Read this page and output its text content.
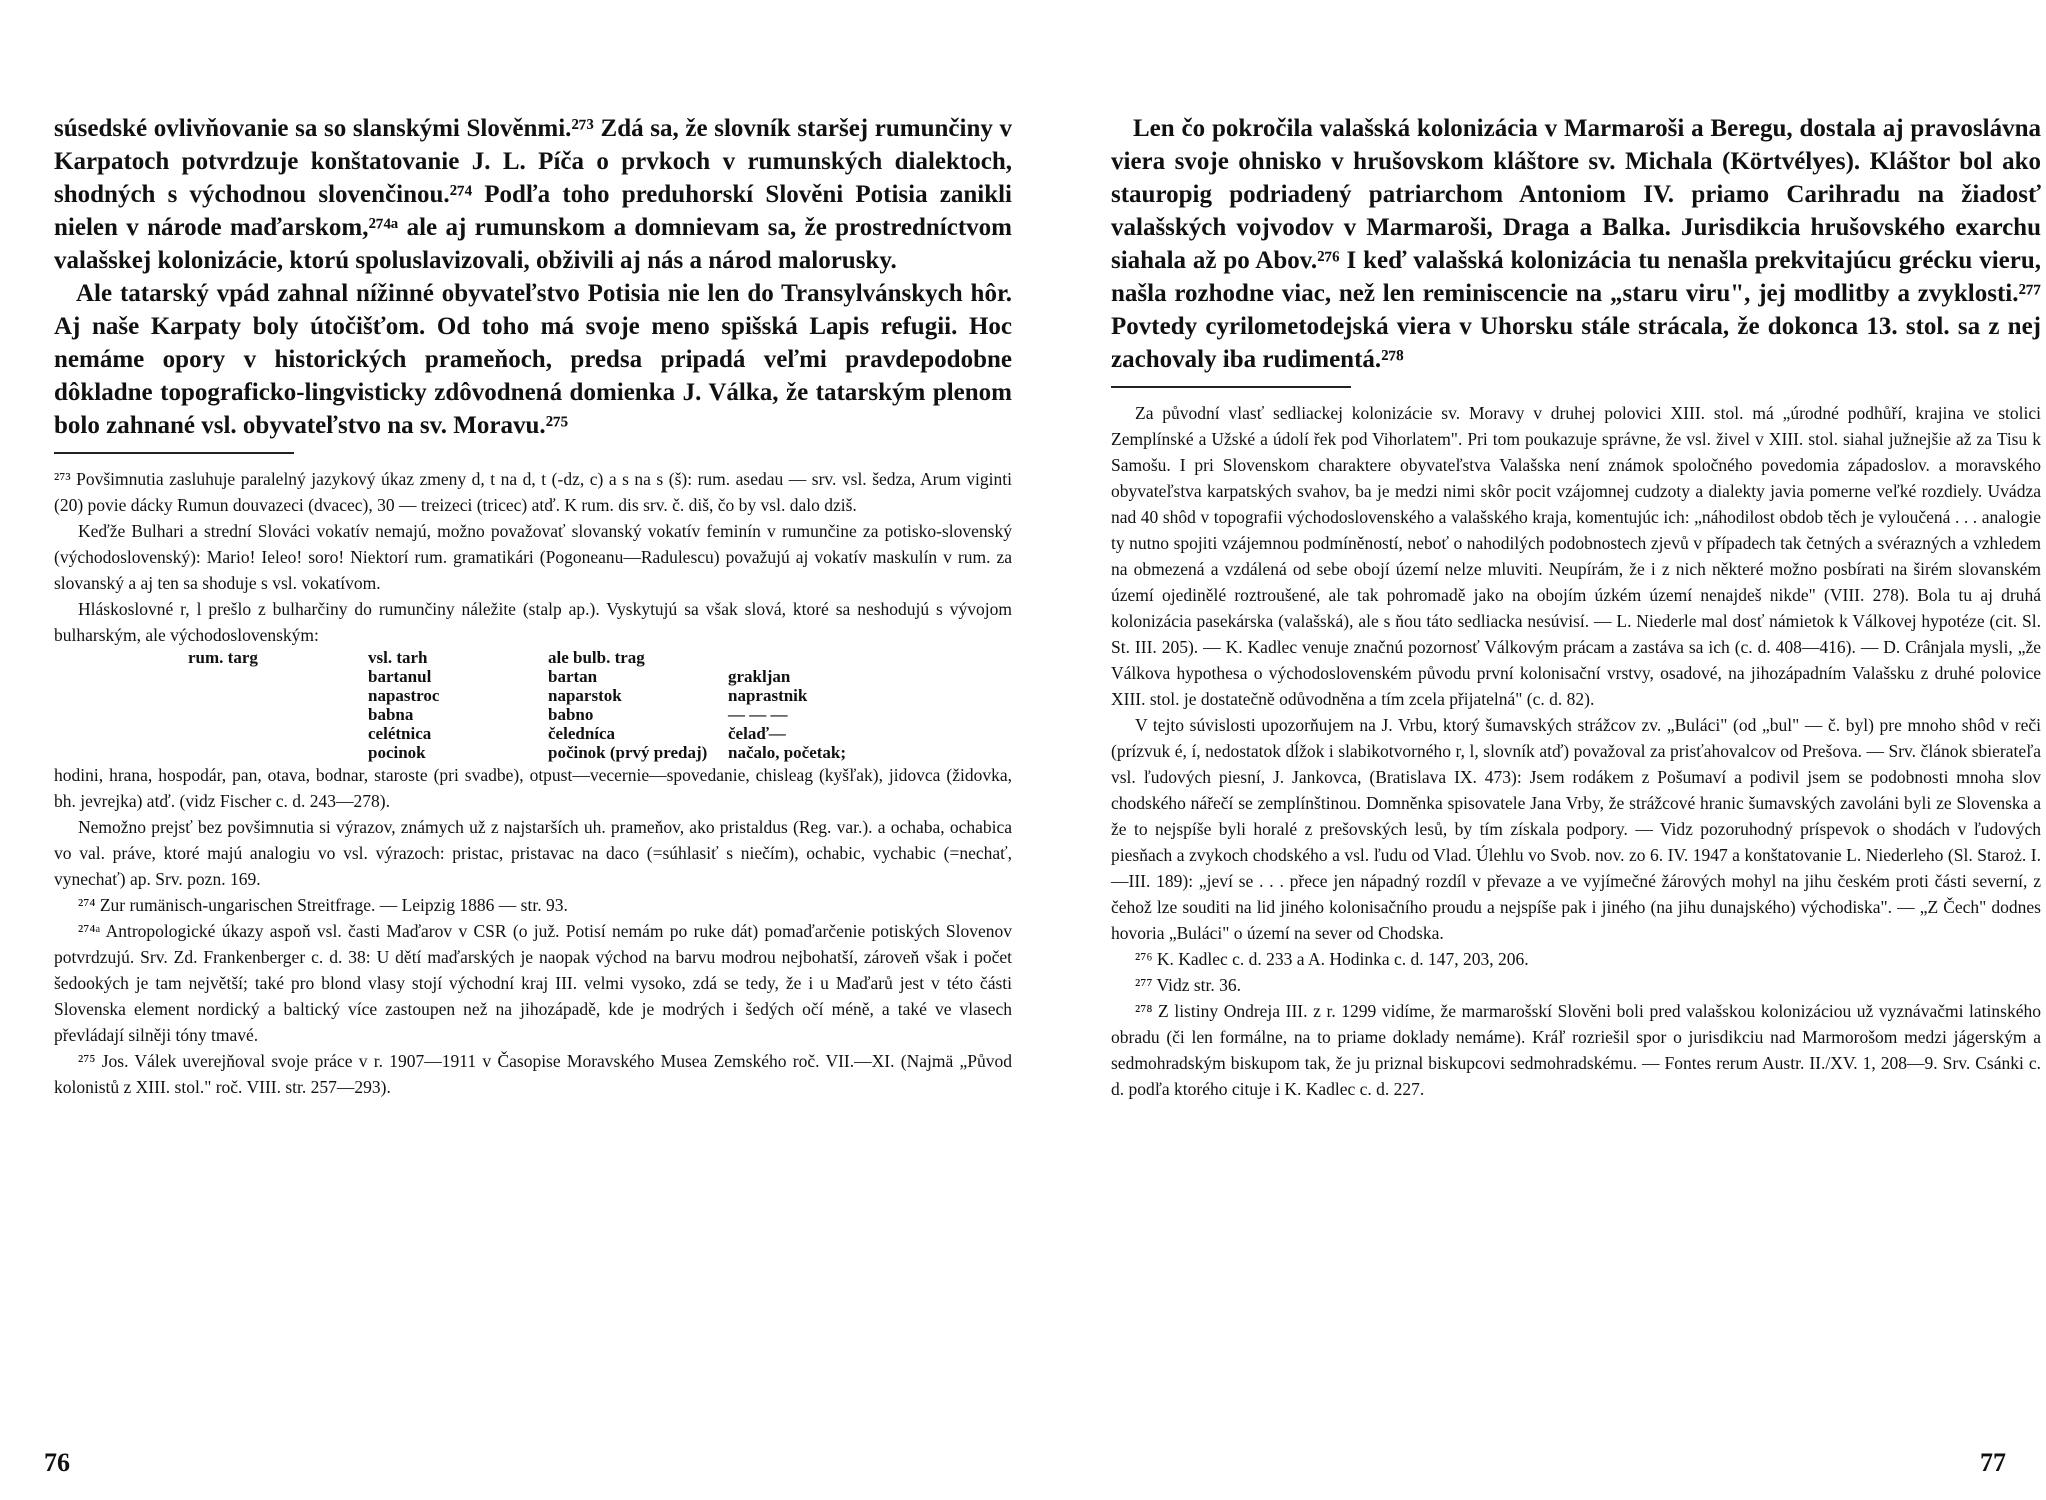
súsedské ovlivňovanie sa so slanskými Slověnmi.²⁷³ Zdá sa, že slovník staršej rumunčiny v Karpatoch potvrdzuje konštatovanie J. L. Píča o prvkoch v rumunských dialektoch, shodných s východnou slovenčinou.²⁷⁴ Podľa toho preduhorskí Slověni Potisia zanikli nielen v národe maďarskom,²⁷⁴ᵃ ale aj rumunskom a domnievam sa, že prostredníctvom valašskej kolonizácie, ktorú spoluslavizovali, obživili aj nás a národ malorusky.

Ale tatarský vpád zahnal nížinné obyvateľstvo Potisia nie len do Transylvánskych hôr. Aj naše Karpaty boly útočišťom. Od toho má svoje meno spišská Lapis refugii. Hoc nemáme opory v historických prameňoch, predsa pripadá veľmi pravdepodobne dôkladne topograficko-lingvisticky zdôvodnená domienka J. Válka, že tatarským plenom bolo zahnané vsl. obyvateľstvo na sv. Moravu.²⁷⁵

²⁷³ Povšimnutia zasluhuje paralelný jazykový úkaz zmeny d, t na d, t (-dz, c) a s na s (š): rum. asedau — srv. vsl. šedza, Arum viginti (20) povie dácky Rumun douvazeci (dvacec), 30 — treizeci (tricec) atď. K rum. dis srv. č. diš, čo by vsl. dalo dziš.

Keďže Bulhari a strední Slováci vokatív nemajú, možno považovať slovanský vokatív feminín v rumunčine za potisko-slovenský (východoslovenský): Mario! Ieleo! soro! Niektorí rum. gramatikári (Pogoneanu—Radulescu) považujú aj vokatív maskulín v rum. za slovanský a aj ten sa shoduje s vsl. vokatívom.

Hláskoslovné r, l prešlo z bulharčiny do rumunčiny náležite (stalp ap.). Vyskytujú sa však slová, ktoré sa neshodujú s vývojom bulharským, ale východoslovenským:

rum. targ	vsl. tarh	ale bulb. trag	
	bartanul	bartan	grakljan
	napastroc	naparstok	naprastnik
	babna	babno	— — —
	celétnica	čeledníca	čelaď—
	pocinok	počinok (prvý predaj)	načalo, početak;

hodini, hrana, hospodár, pan, otava, bodnar, staroste (pri svadbe), otpust—vecernie—spovedanie, chisleag (kyšľak), jidovca (židovka, bh. jevrejka) atď. (vidz Fischer c. d. 243—278).

Nemožno prejsť bez povšimnutia si výrazov, známych už z najstarších uh. prameňov, ako pristaldus (Reg. var.). a ochaba, ochabica vo val. práve, ktoré majú analogiu vo vsl. výrazoch: pristac, pristavac na daco (=súhlasiť s niečím), ochabic, vychabic (=nechať, vynechať) ap. Srv. pozn. 169.

²⁷⁴ Zur rumänisch-ungarischen Streitfrage. — Leipzig 1886 — str. 93.

²⁷⁴ᵃ Antropologické úkazy aspoň vsl. časti Maďarov v CSR (o juž. Potisí nemám po ruke dát) pomaďarčenie potiských Slovenov potvrdzujú. Srv. Zd. Frankenberger c. d. 38: U dětí maďarských je naopak východ na barvu modrou nejbohatší, zároveň však i počet šedookých je tam největší; také pro blond vlasy stojí východní kraj III. velmi vysoko, zdá se tedy, že i u Maďarů jest v této části Slovenska element nordický a baltický více zastoupen než na jihozápadě, kde je modrých i šedých očí méně, a také ve vlasech převládají silněji tóny tmavé.

²⁷⁵ Jos. Válek uverejňoval svoje práce v r. 1907—1911 v Časopise Moravského Musea Zemského roč. VII.—XI. (Najmä „Původ kolonistů z XIII. stol." roč. VIII. str. 257—293).

76

Len čo pokročila valašská kolonizácia v Marmaroši a Beregu, dostala aj pravoslávna viera svoje ohnisko v hrušovskom kláštore sv. Michala (Körtvélyes). Kláštor bol ako stauropig podriadený patriarchom Antoniom IV. priamo Carihradu na žiadosť valašských vojvodov v Marmaroši, Draga a Balka. Jurisdikcia hrušovského exarchu siahala až po Abov.²⁷⁶ I keď valašská kolonizácia tu nenašla prekvitajúcu grécku vieru, našla rozhodne viac, než len reminiscencie na „staru viru", jej modlitby a zvyklosti.²⁷⁷ Povtedy cyrilometodejská viera v Uhorsku stále strácala, že dokonca 13. stol. sa z nej zachovaly iba rudimentá.²⁷⁸

Za původní vlasť sedliackej kolonizácie sv. Moravy v druhej polovici XIII. stol. má „úrodné podhůří, krajina ve stolici Zemplínské a Užské a údolí řek pod Vihorlatem". Pri tom poukazuje správne, že vsl. živel v XIII. stol. siahal južnejšie až za Tisu k Samošu. I pri Slovenskom charaktere obyvateľstva Valašska není známok spoločného povedomia západoslov. a moravského obyvateľstva karpatských svahov, ba je medzi nimi skôr pocit vzájomnej cudzoty a dialekty javia pomerne veľké rozdiely. Uvádza nad 40 shôd v topografii východoslovenského a valašského kraja, komentujúc ich: „náhodilost obdob těch je vyloučená . . . analogie ty nutno spojiti vzájemnou podmíněností, neboť o nahodilých podobnostech zjevů v případech tak četných a svérazných a vzhledem na obmezená a vzdálená od sebe obojí území nelze mluviti. Neupírám, že i z nich některé možno posbírati na širém slovanském území ojedinělé roztroušené, ale tak pohromadě jako na obojím úzkém území nenajdeš nikde" (VIII. 278). Bola tu aj druhá kolonizácia pasekárska (valašská), ale s ňou táto sedliacka nesúvisí. — L. Niederle mal dosť námietok k Válkovej hypotéze (cit. Sl. St. III. 205). — K. Kadlec venuje značnú pozornosť Válkovým prácam a zastáva sa ich (c. d. 408—416). — D. Crânjala mysli, „že Válkova hypothesa o východoslovenském původu první kolonisační vrstvy, osadové, na jihozápadním Valašsku z druhé polovice XIII. stol. je dostatečně odůvodněna a tím zcela přijatelná" (c. d. 82).

V tejto súvislosti upozorňujem na J. Vrbu, ktorý šumavských strážcov zv. „Buláci" (od „bul" — č. byl) pre mnoho shôd v reči (prízvuk é, í, nedostatok dĺžok i slabikotvorného r, l, slovník atď) považoval za prisťahovalcov od Prešova. — Srv. článok sbierateľa vsl. ľudových piesní, J. Jankovca, (Bratislava IX. 473): Jsem rodákem z Pošumaví a podivil jsem se podobnosti mnoha slov chodského nářečí se zemplínštinou. Domněnka spisovatele Jana Vrby, že strážcové hranic šumavských zavoláni byli ze Slovenska a že to nejspíše byli horalé z prešovských lesů, by tím získala podpory. — Vidz pozoruhodný príspevok o shodách v ľudových piesňach a zvykoch chodského a vsl. ľudu od Vlad. Úlehlu vo Svob. nov. zo 6. IV. 1947 a konštatovanie L. Niederleho (Sl. Staroż. I.—III. 189): „jeví se . . . přece jen nápadný rozdíl v převaze a ve vyjímečné žárových mohyl na jihu českém proti části severní, z čehož lze souditi na lid jiného kolonisačního proudu a nejspíše pak i jiného (na jihu dunajského) východiska". — „Z Čech" dodnes hovoria „Buláci" o území na sever od Chodska.

²⁷⁶ K. Kadlec c. d. 233 a A. Hodinka c. d. 147, 203, 206.

²⁷⁷ Vidz str. 36.

²⁷⁸ Z listiny Ondreja III. z r. 1299 vidíme, že marmarošskí Slověni boli pred valašskou kolonizáciou už vyznávačmi latinského obradu (či len formálne, na to priame doklady nemáme). Kráľ rozriešil spor o jurisdikciu nad Marmorošom medzi jágerským a sedmohradským biskupom tak, že ju priznal biskupcovi sedmohradskému. — Fontes rerum Austr. II./XV. 1, 208—9. Srv. Csánki c. d. podľa ktorého cituje i K. Kadlec c. d. 227.

77
